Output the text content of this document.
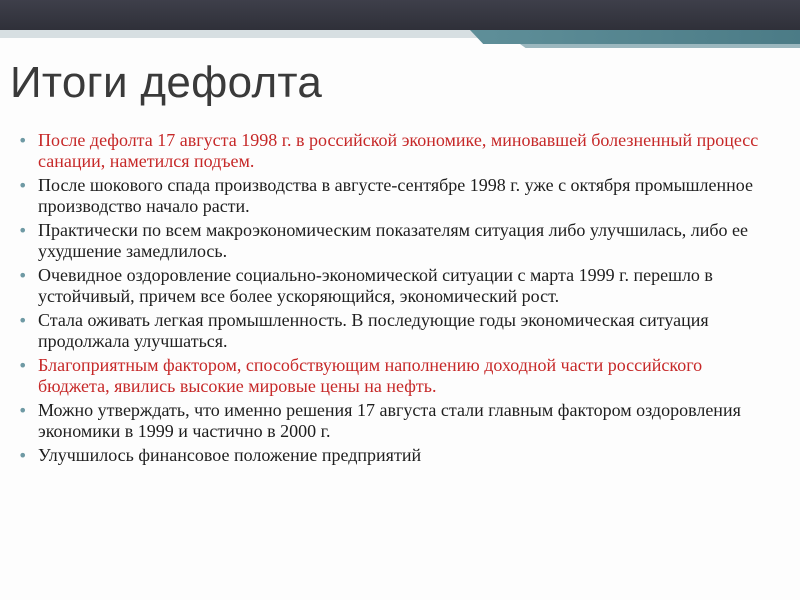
Итоги дефолта
• После дефолта 17 августа 1998 г. в российской экономике, миновавшей болезненный процесс санации, наметился подъем.
• После шокового спада производства в августе-сентябре 1998 г. уже с октября промышленное производство начало расти.
• Практически по всем макроэкономическим показателям ситуация либо улучшилась, либо ее ухудшение замедлилось.
• Очевидное оздоровление социально-экономической ситуации с марта 1999 г. перешло в устойчивый, причем все более ускоряющийся, экономический рост.
• Стала оживать легкая промышленность. В последующие годы экономическая ситуация продолжала улучшаться.
• Благоприятным фактором, способствующим наполнению доходной части российского бюджета, явились высокие мировые цены на нефть.
• Можно утверждать, что именно решения 17 августа стали главным фактором оздоровления экономики в 1999 и частично в 2000 г.
• Улучшилось финансовое положение предприятий
